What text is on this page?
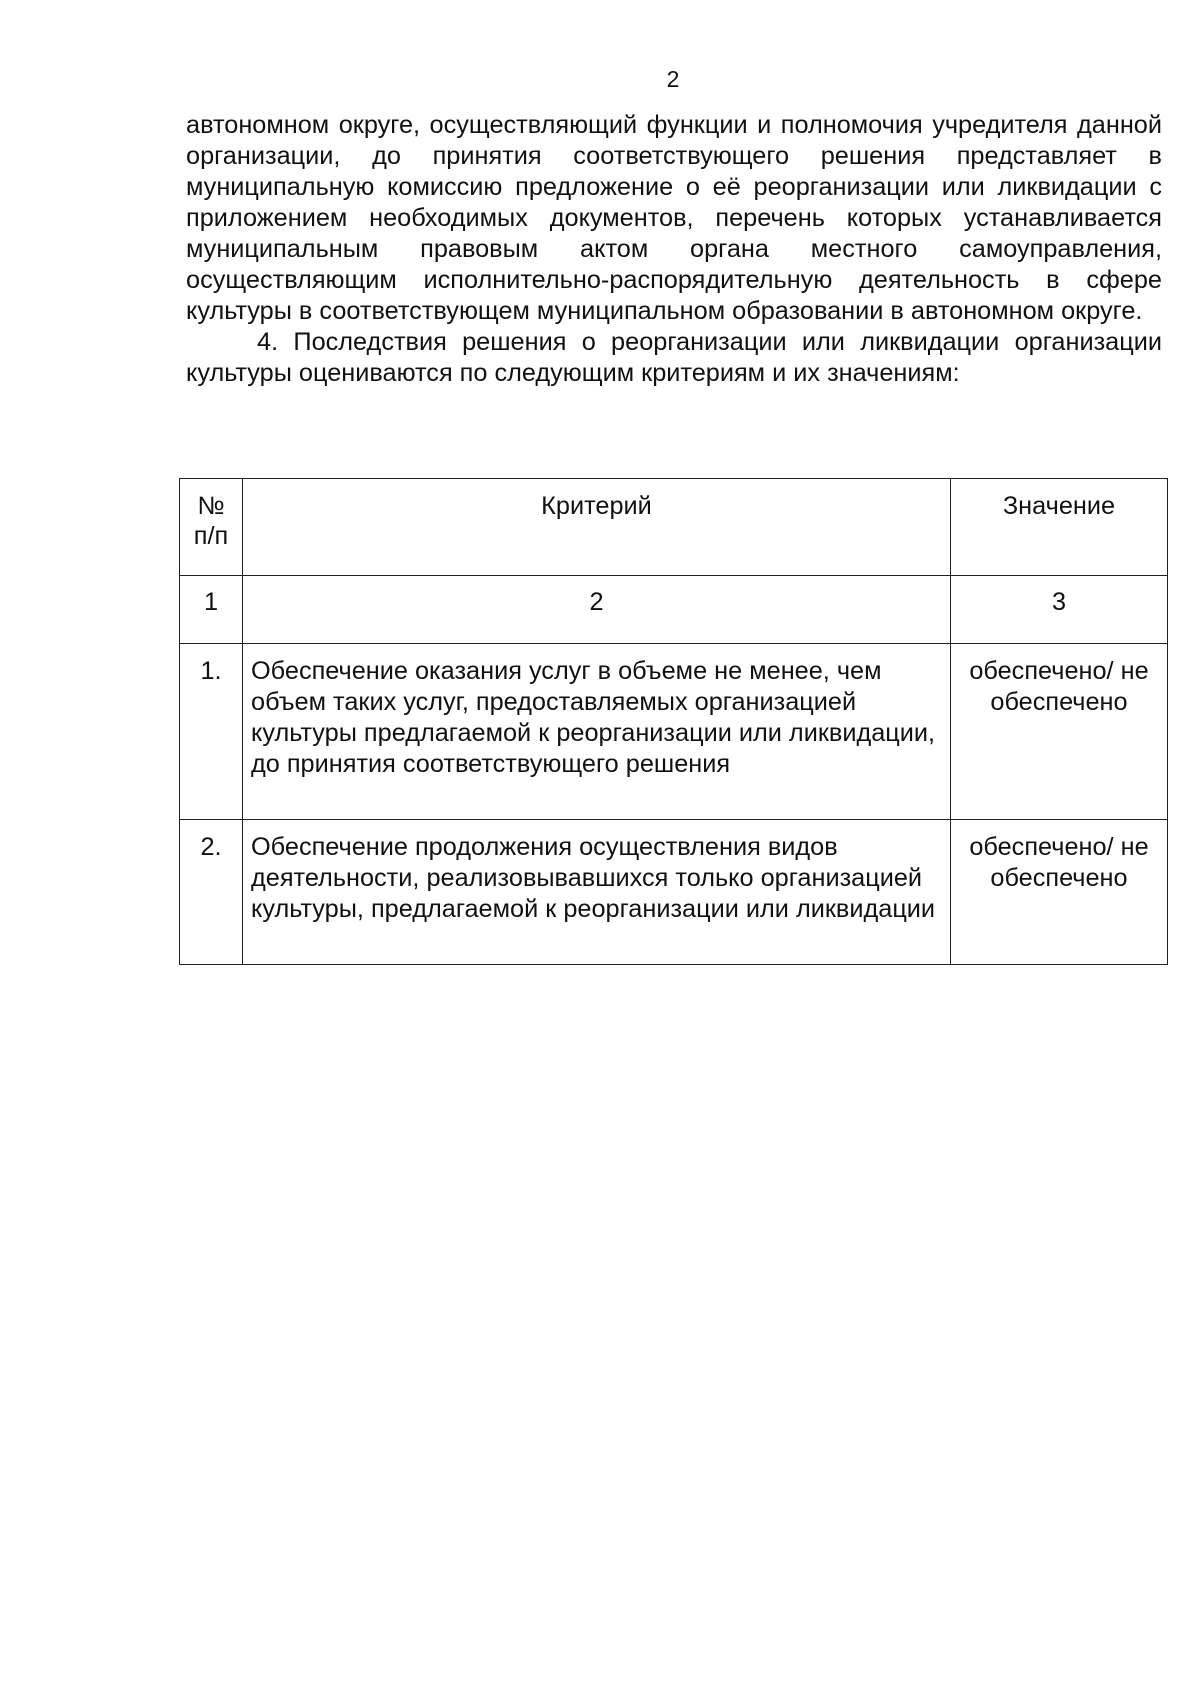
2

автономном округе, осуществляющий функции и полномочия учредителя данной организации, до принятия соответствующего решения представляет в муниципальную комиссию предложение о её реорганизации или ликвидации с приложением необходимых документов, перечень которых устанавливается муниципальным правовым актом органа местного самоуправления, осуществляющим исполнительно-распорядительную деятельность в сфере культуры в соответствующем муниципальном образовании в автономном округе.

4. Последствия решения о реорганизации или ликвидации организации культуры оцениваются по следующим критериям и их значениям:

№ п/п	Критерий	Значение
1	2	3
1.	Обеспечение оказания услуг в объеме не менее, чем объем таких услуг, предоставляемых организацией культуры предлагаемой к реорганизации или ликвидации, до принятия соответствующего решения	обеспечено/ не обеспечено
2.	Обеспечение продолжения осуществления видов деятельности, реализовывавшихся только организацией культуры, предлагаемой к реорганизации или ликвидации	обеспечено/ не обеспечено
